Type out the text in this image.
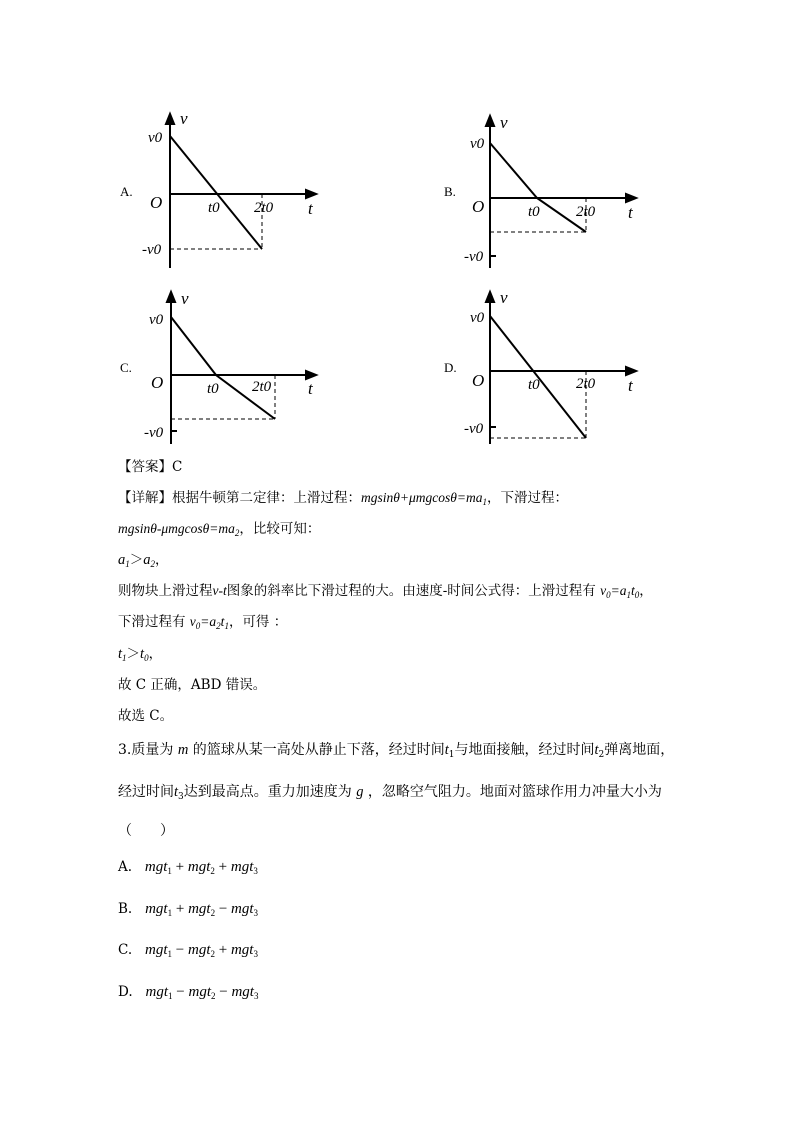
A.	B.
C.	D.
v
v0
O	t0 2t0 t
-v0
v
v0
O	t0 2t0 t
-v0
v
v0
O	t0 2t0 t
-v0
v
v0
O	t0 2t0 t
-v0
【答案】C
【详解】根据牛顿第二定律：上滑过程：$mgsin\theta+\mu mgcos\theta=ma_1$，下滑过程：
mgsinθ-$\mu mgcos\theta=ma_2$，比较可知：
$a_1>a_2$，
则物块上滑过程v-t图象的斜率比下滑过程的大。由速度-时间公式得：上滑过程有 $v_0=a_1t_0$，
下滑过程有 $v_0=a_2t_1$，可得 ：
$t_1>t_0$，
故 C 正确，ABD 错误。
故选 C。
3.质量为 m 的篮球从某一高处从静止下落，经过时间$t_1$与地面接触，经过时间$t_2$弹离地面，
经过时间$t_3$达到最高点。重力加速度为 g ，忽略空气阻力。地面对篮球作用力冲量大小为
（　　）
A. mgt$_1$ + mgt$_2$ + mgt$_3$
B. mgt$_1$ + mgt$_2$ − mgt$_3$
C. mgt$_1$ − mgt$_2$ + mgt$_3$
D. mgt$_1$ − mgt$_2$ − mgt$_3$
